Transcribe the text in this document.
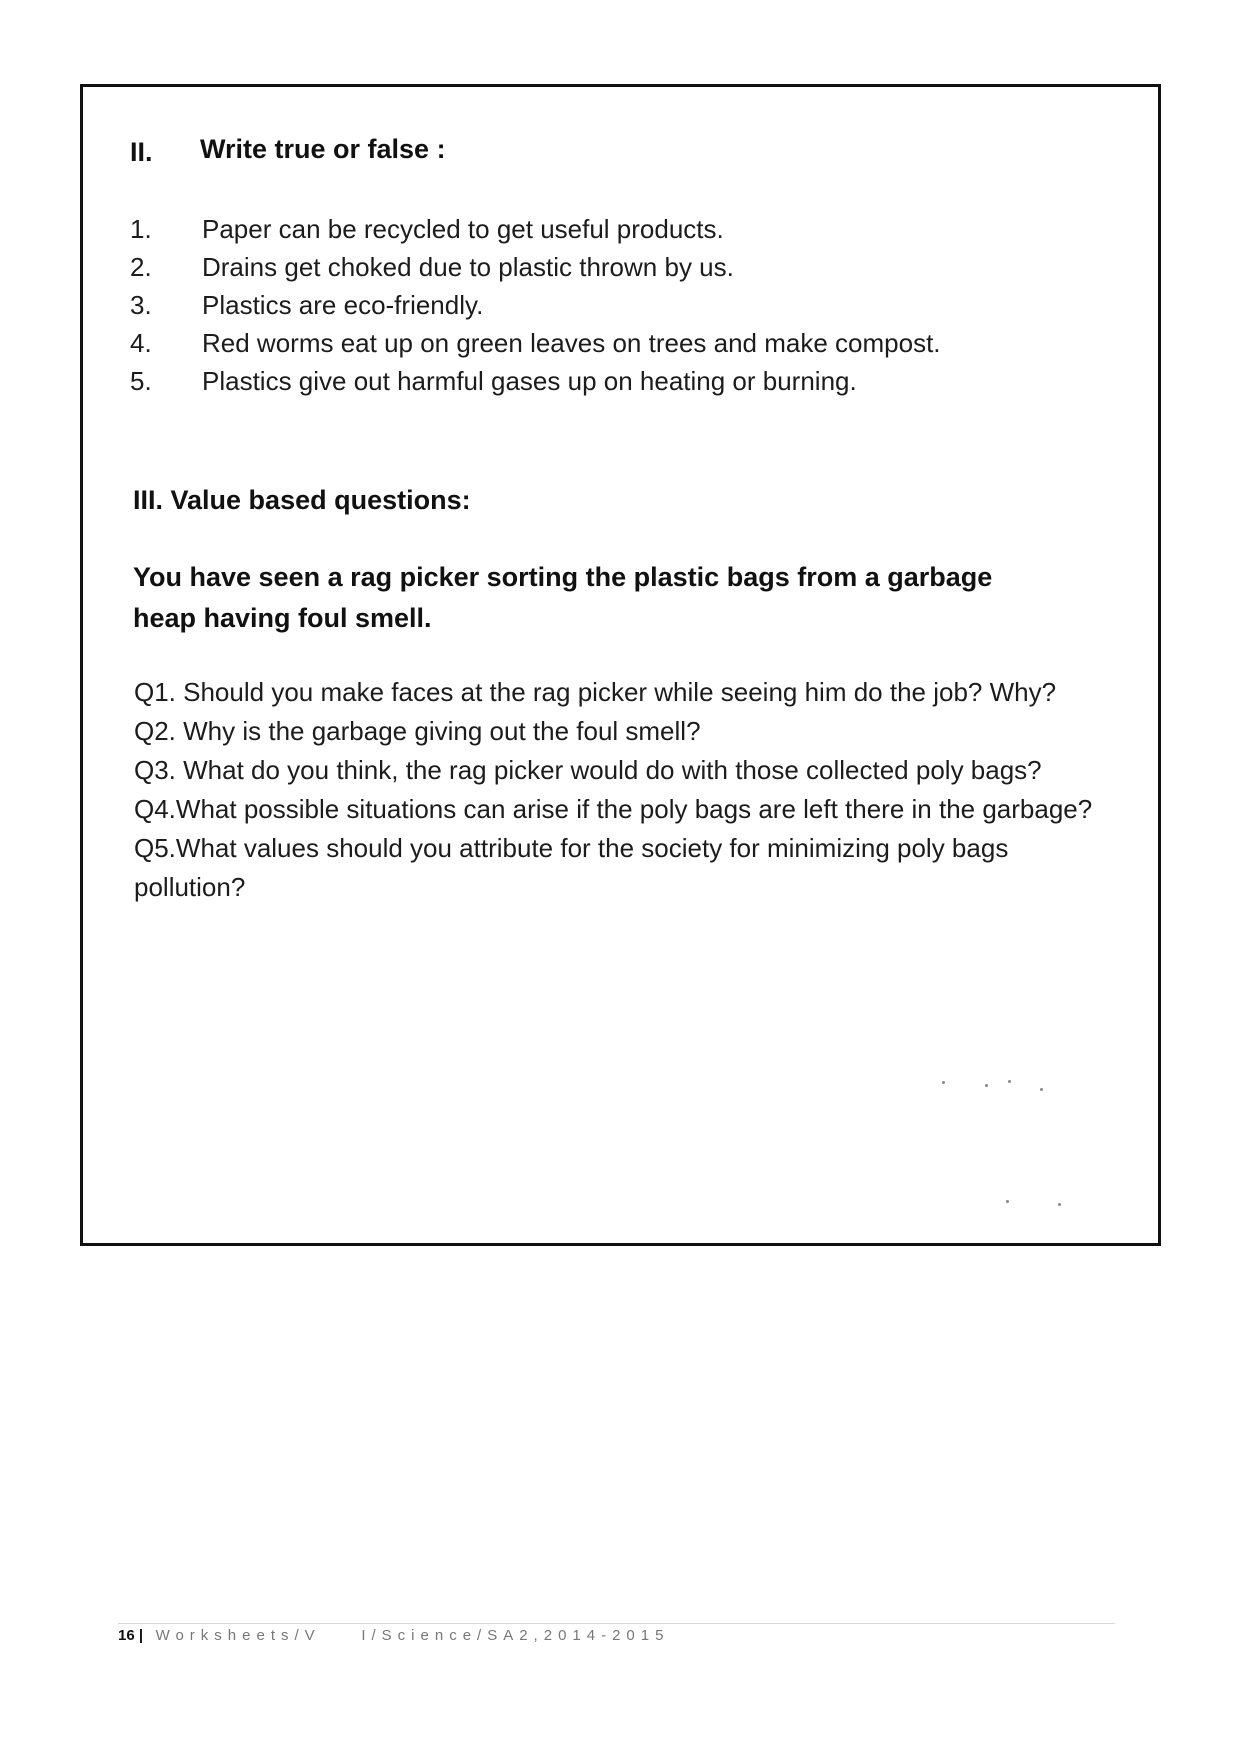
II. Write true or false :
1.	Paper can be recycled to get useful products.
2.	Drains get choked due to plastic thrown by us.
3.	Plastics are eco-friendly.
4.	Red worms eat up on green leaves on trees and make compost.
5.	Plastics give out harmful gases up on heating or burning.
III. Value based questions:
You have seen a rag picker sorting the plastic bags from a garbage heap having foul smell.
Q1. Should you make faces at the rag picker while seeing him do the job? Why?
Q2. Why is the garbage giving out the foul smell?
Q3. What do you think, the rag picker would do with those collected poly bags?
Q4.What possible situations can arise if the poly bags are left there in the garbage?
Q5.What values should you attribute for the society for minimizing poly bags pollution?
16 | Worksheets/V    I/Science/SA2,2014-2015
